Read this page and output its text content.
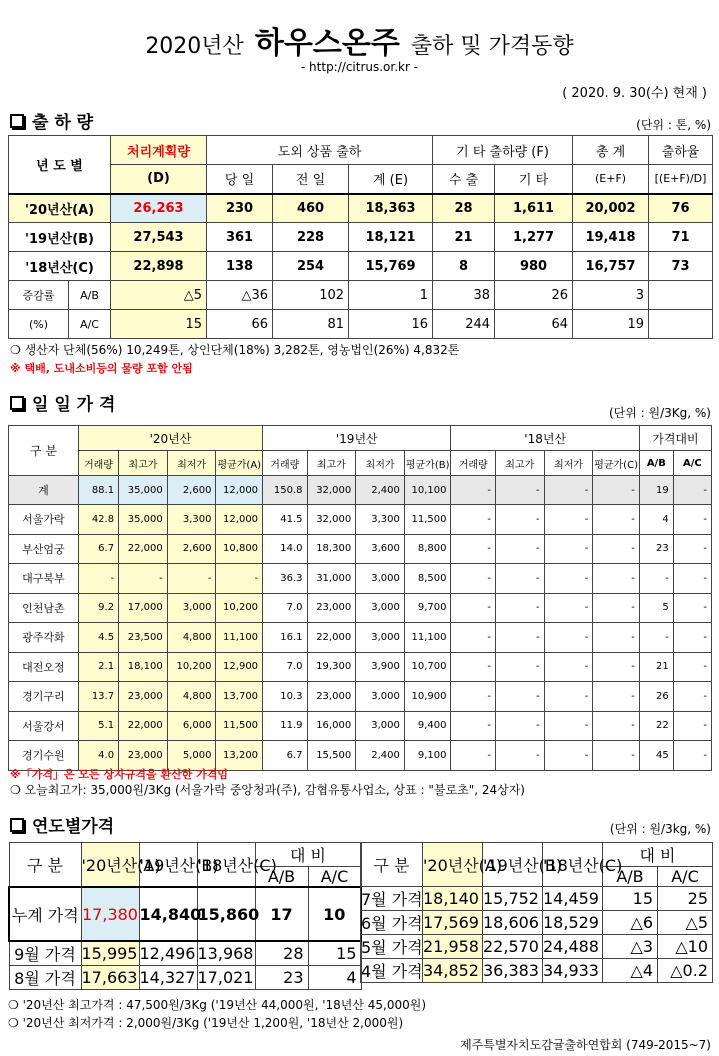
2020년산 하우스온주 출하 및 가격동향
- http://citrus.or.kr -
( 2020. 9. 30(수) 현재 )
출 하 량	(단위 : 톤, %)
년 도 별		처리계획량	도외 상품 출하			기 타 출하량 (F)		총 계	출하율
		(D)	당 일	전 일	계 (E)	수 출	기 타	(E+F)	[(E+F)/D]
'20년산(A)		26,263	230	460	18,363	28	1,611	20,002	76
'19년산(B)		27,543	361	228	18,121	21	1,277	19,418	71
'18년산(C)		22,898	138	254	15,769	8	980	16,757	73
증감률	A/B	△5	△36	102	1	38	26	3	
(%)	A/C	15	66	81	16	244	64	19	
❍ 생산자 단체(56%) 10,249톤, 상인단체(18%) 3,282톤, 영농법인(26%) 4,832톤
※ 택배, 도내소비등의 물량 포함 안됨
일 일 가 격	(단위 : 원/3Kg, %)
구 분	'20년산				'19년산				'18년산				가격대비	
	거래량	최고가	최저가	평균가(A)	거래량	최고가	최저가	평균가(B)	거래량	최고가	최저가	평균가(C)	A/B	A/C
계	88.1	35,000	2,600	12,000	150.8	32,000	2,400	10,100	-	-	-	-	19	-
서울가락	42.8	35,000	3,300	12,000	41.5	32,000	3,300	11,500	-	-	-	-	4	-
부산엄궁	6.7	22,000	2,600	10,800	14.0	18,300	3,600	8,800	-	-	-	-	23	-
대구북부	-	-	-	-	36.3	31,000	3,000	8,500	-	-	-	-	-	-
인천남촌	9.2	17,000	3,000	10,200	7.0	23,000	3,000	9,700	-	-	-	-	5	-
광주각화	4.5	23,500	4,800	11,100	16.1	22,000	3,000	11,100	-	-	-	-	-	-
대전오정	2.1	18,100	10,200	12,900	7.0	19,300	3,900	10,700	-	-	-	-	21	-
경기구리	13.7	23,000	4,800	13,700	10.3	23,000	3,000	10,900	-	-	-	-	26	-
서울강서	5.1	22,000	6,000	11,500	11.9	16,000	3,000	9,400	-	-	-	-	22	-
경기수원	4.0	23,000	5,000	13,200	6.7	15,500	2,400	9,100	-	-	-	-	45	-
※「가격」은 모든 상자규격을 환산한 가격임
❍ 오늘최고가: 35,000원/3Kg (서울가락 중앙청과(주), 감협유통사업소, 상표 : "불로초", 24상자)
연도별가격	(단위 : 원/3kg, %)
구 분	'20년산(A)	'19년산(B)	'18년산(C)	대 비	
				A/B	A/C
누계 가격	17,380	14,840	15,860	17	10
9월 가격	15,995	12,496	13,968	28	15
8월 가격	17,663	14,327	17,021	23	4
구 분	'20년산(A)	'19년산(B)	'18년산(C)	대 비	
				A/B	A/C
7월 가격	18,140	15,752	14,459	15	25
6월 가격	17,569	18,606	18,529	△6	△5
5월 가격	21,958	22,570	24,488	△3	△10
4월 가격	34,852	36,383	34,933	△4	△0.2
❍ '20년산 최고가격 : 47,500원/3Kg ('19년산 44,000원, '18년산 45,000원)
❍ '20년산 최저가격 : 2,000원/3Kg ('19년산 1,200원, '18년산 2,000원)
제주특별자치도감귤출하연합회 (749-2015~7)
